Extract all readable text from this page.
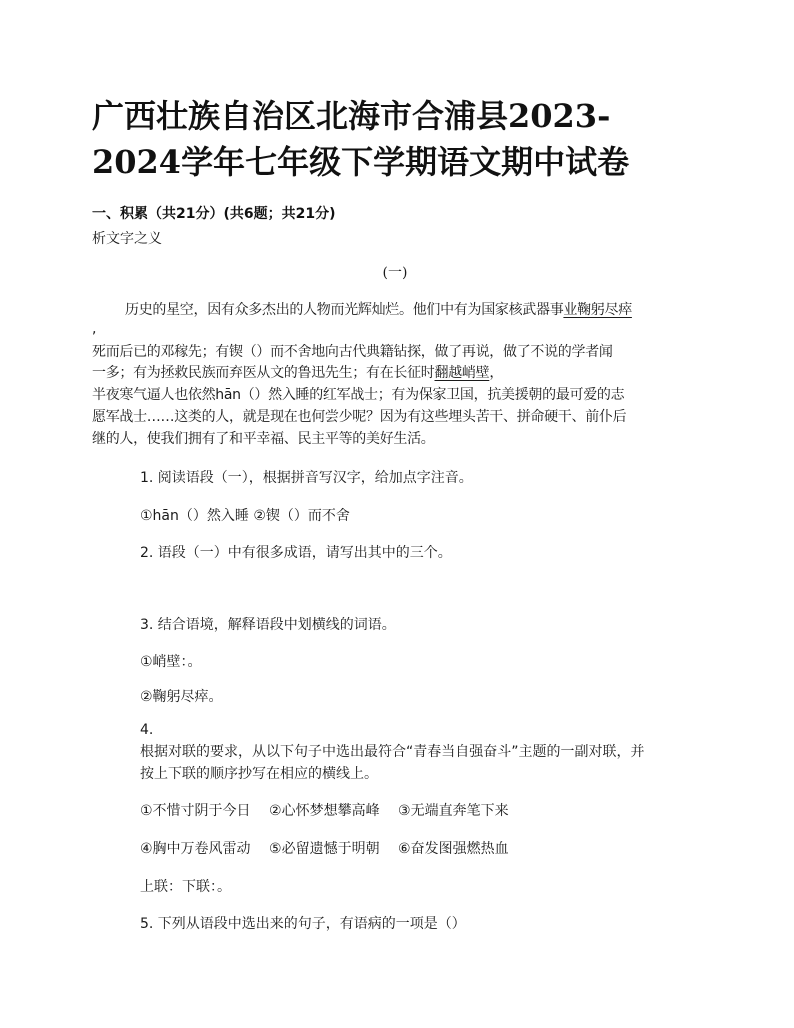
广西壮族自治区北海市合浦县2023-
2024学年七年级下学期语文期中试卷
一、积累（共21分）(共6题；共21分)
析文字之义
(一)
历史的星空，因有众多杰出的人物而光辉灿烂。他们中有为国家核武器事业鞠躬尽瘁
,
死而后已的邓稼先；有锲（）而不舍地向古代典籍钻探，做了再说，做了不说的学者闻
一多；有为拯救民族而弃医从文的鲁迅先生；有在长征时翻越峭壁，
半夜寒气逼人也依然hān（）然入睡的红军战士；有为保家卫国，抗美援朝的最可爱的志
愿军战士……这类的人，就是现在也何尝少呢？因为有这些埋头苦干、拼命硬干、前仆后
继的人，使我们拥有了和平幸福、民主平等的美好生活。
1. 阅读语段（一），根据拼音写汉字，给加点字注音。
①hān（）然入睡 ②锲（）而不舍
2. 语段（一）中有很多成语，请写出其中的三个。
3. 结合语境，解释语段中划横线的词语。
①峭壁：。
②鞠躬尽瘁。
4.
根据对联的要求，从以下句子中选出最符合“青春当自强奋斗”主题的一副对联，并
按上下联的顺序抄写在相应的横线上。
①不惜寸阴于今日 ②心怀梦想攀高峰 ③无端直奔笔下来
④胸中万卷风雷动 ⑤必留遗憾于明朝 ⑥奋发图强燃热血
上联：下联：。
5. 下列从语段中选出来的句子，有语病的一项是（）
